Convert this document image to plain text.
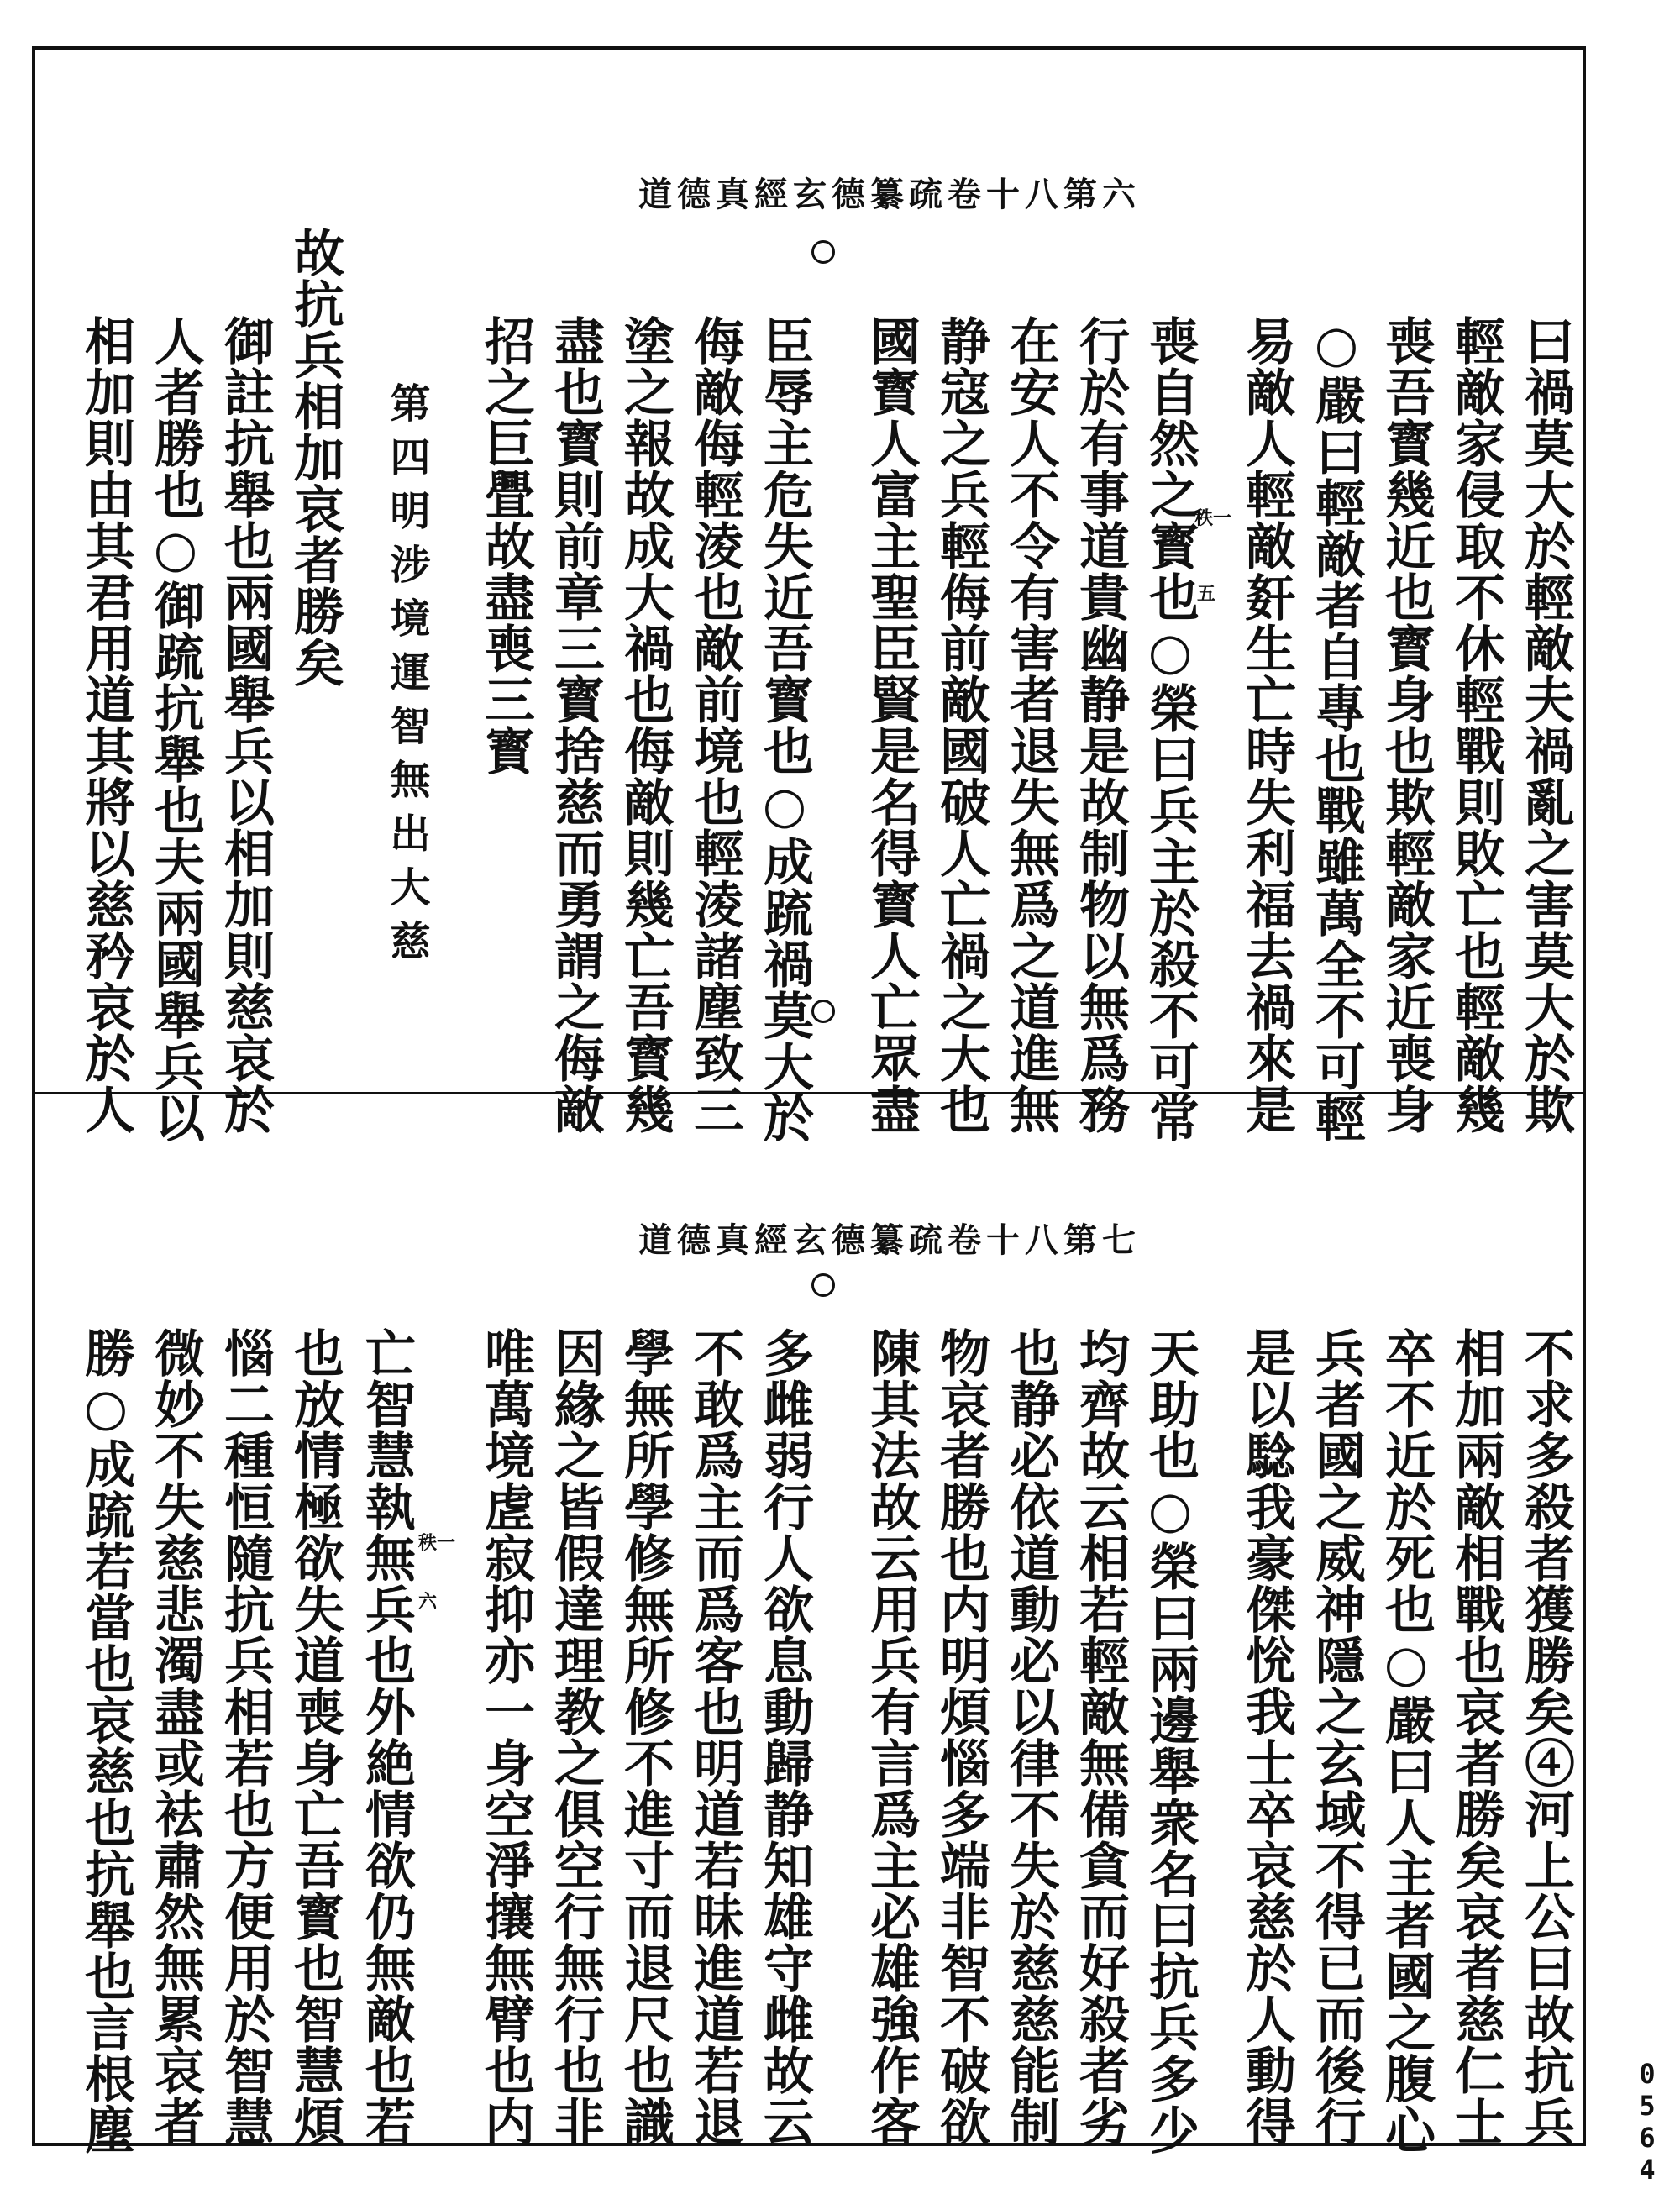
道德真經玄德纂疏卷十八第六
曰禍莫大於輕敵夫禍亂之害莫大於欺
輕敵家侵取不休輕戰則敗亡也輕敵幾
喪吾寳幾近也寳身也欺輕敵家近喪身
○嚴曰輕敵者自專也戰雖萬全不可輕
易敵人輕敵姧生亡時失利福去禍來是
喪自然之寳也○榮曰兵主於殺不可常
行於有事道貴幽静是故制物以無爲務
在安人不令有害者退失無爲之道進無
静寇之兵輕侮前敵國破人亡禍之大也
國寳人富主聖臣賢是名得寳人亡眾盡
臣辱主危失近吾寳也○成䟽禍莫大於
侮敵侮輕淩也敵前境也輕淩諸塵致三
塗之報故成大禍也侮敵則幾亡吾寳幾
盡也寳則前章三寳捨慈而勇謂之侮敵
招之巨舋故盡喪三寳
第四明涉境運智無出大慈
故抗兵相加哀者勝矣
御註抗舉也兩國舉兵以相加則慈哀於
人者勝也○御䟽抗舉也夫兩國舉兵以
相加則由其君用道其將以慈矜哀於人	秩一
五
道德真經玄德纂疏卷十八第七
不求多殺者獲勝矣④河上公曰故抗兵
相加兩敵相戰也哀者勝矣哀者慈仁士
卒不近於死也○嚴曰人主者國之腹心
兵者國之威神隱之玄域不得已而後行
是以騐我豪傑恱我士卒哀慈於人動得
天助也○榮曰兩邊舉衆名曰抗兵多少
均齊故云相若輕敵無備貪而好殺者劣
也静必依道動必以律不失於慈慈能制
物哀者勝也内明煩惱多端非智不破欲
陳其法故云用兵有言爲主必雄強作客
多雌弱行人欲息動歸静知雄守雌故云
不敢爲主而爲客也明道若昧進道若退
學無所學修無所修不進寸而退尺也識
因緣之皆假達理教之俱空行無行也非
唯萬境虗寂抑亦一身空淨攘無臂也内
亡智慧執無兵也外絶情欲仍無敵也若
也放情極欲失道喪身亡吾寳也智慧煩
惱二種恒隨抗兵相若也方便用於智慧
微妙不失慈悲濁盡或袪肅然無累哀者
勝○成䟽若當也哀慈也抗舉也言根塵	秩一
六
0564
